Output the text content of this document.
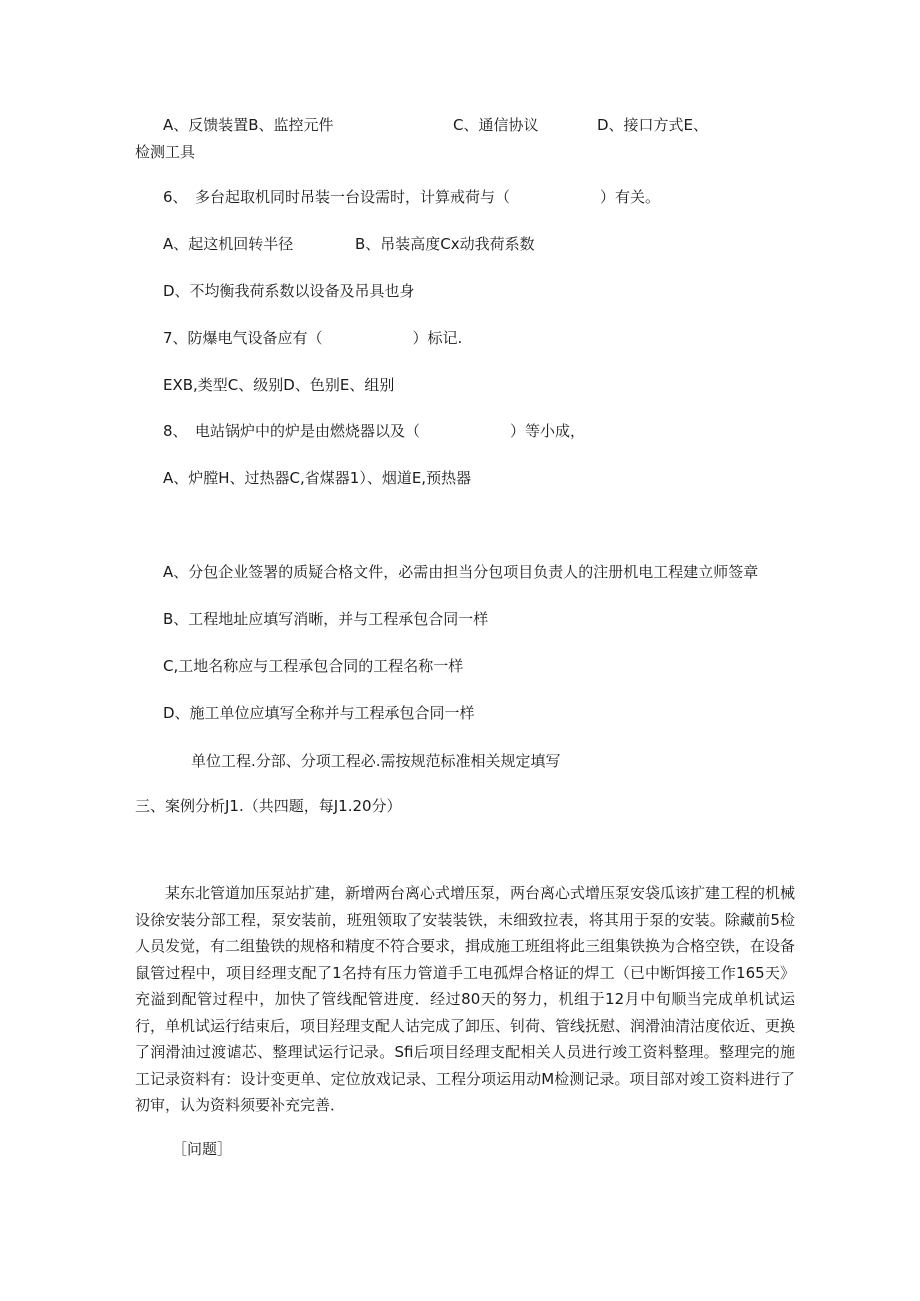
A、反馈装置B、监控元件	C、通信协议	D、接口方式E、
检测工具
6、　多台起取机同时吊装一台设需时，计算戒荷与（　　　　　　）有关。
A、起这机回转半径	B、吊装高度Cx动我荷系数
D、不均衡我荷系数以设备及吊具也身
7、防爆电气设备应有（　　　　　　）标记.
EXB,类型C、级别D、色别E、组别
8、　电站锅炉中的炉是由燃烧器以及（　　　　　　）等小成，
A、炉膛H、过热器C,省煤器1）、烟道E,预热器
A、分包企业签署的质疑合格文件，必需由担当分包项目负责人的注册机电工程建立师签章
B、工程地址应填写消晰，并与工程承包合同一样
C,工地名称应与工程承包合同的工程名称一样
D、施工单位应填写全称并与工程承包合同一样
单位工程.分部、分项工程必.需按规范标准相关规定填写
三、案例分析J1.（共四题，每J1.20分）
某东北管道加压泵站扩建，新增两台离心式增压泵，两台离心式增压泵安袋瓜该扩建工程的机械设徐安装分部工程，泵安装前，班殂领取了安装装铁，未细致拉表，将其用于泵的安装。除藏前5检人员发觉，有二组蛰铁的规格和精度不符合要求，揖成施工班组将此三组集铁换为合格空铁，在设备鼠管过程中，项目经理支配了1名持有压力管道手工电孤焊合格证的焊工（已中断饵接工作165天》充溢到配管过程中，加快了管线配管进度．经过80天的努力，机组于12月中旬顺当完成单机试运行，单机试运行结束后，项目羟理支配人诂完成了卸压、钊荷、管线抚慰、润滑油清沽度依近、更换了润滑油过渡谑芯、整理试运行记录。Sfi后项目经理支配相关人员进行竣工资料整理。整理完的施工记录资料有：设计变更单、定位放戏记录、工程分项运用动M检测记录。项目部对竣工资料进行了初审，认为资料须要补充完善．
［问题］
